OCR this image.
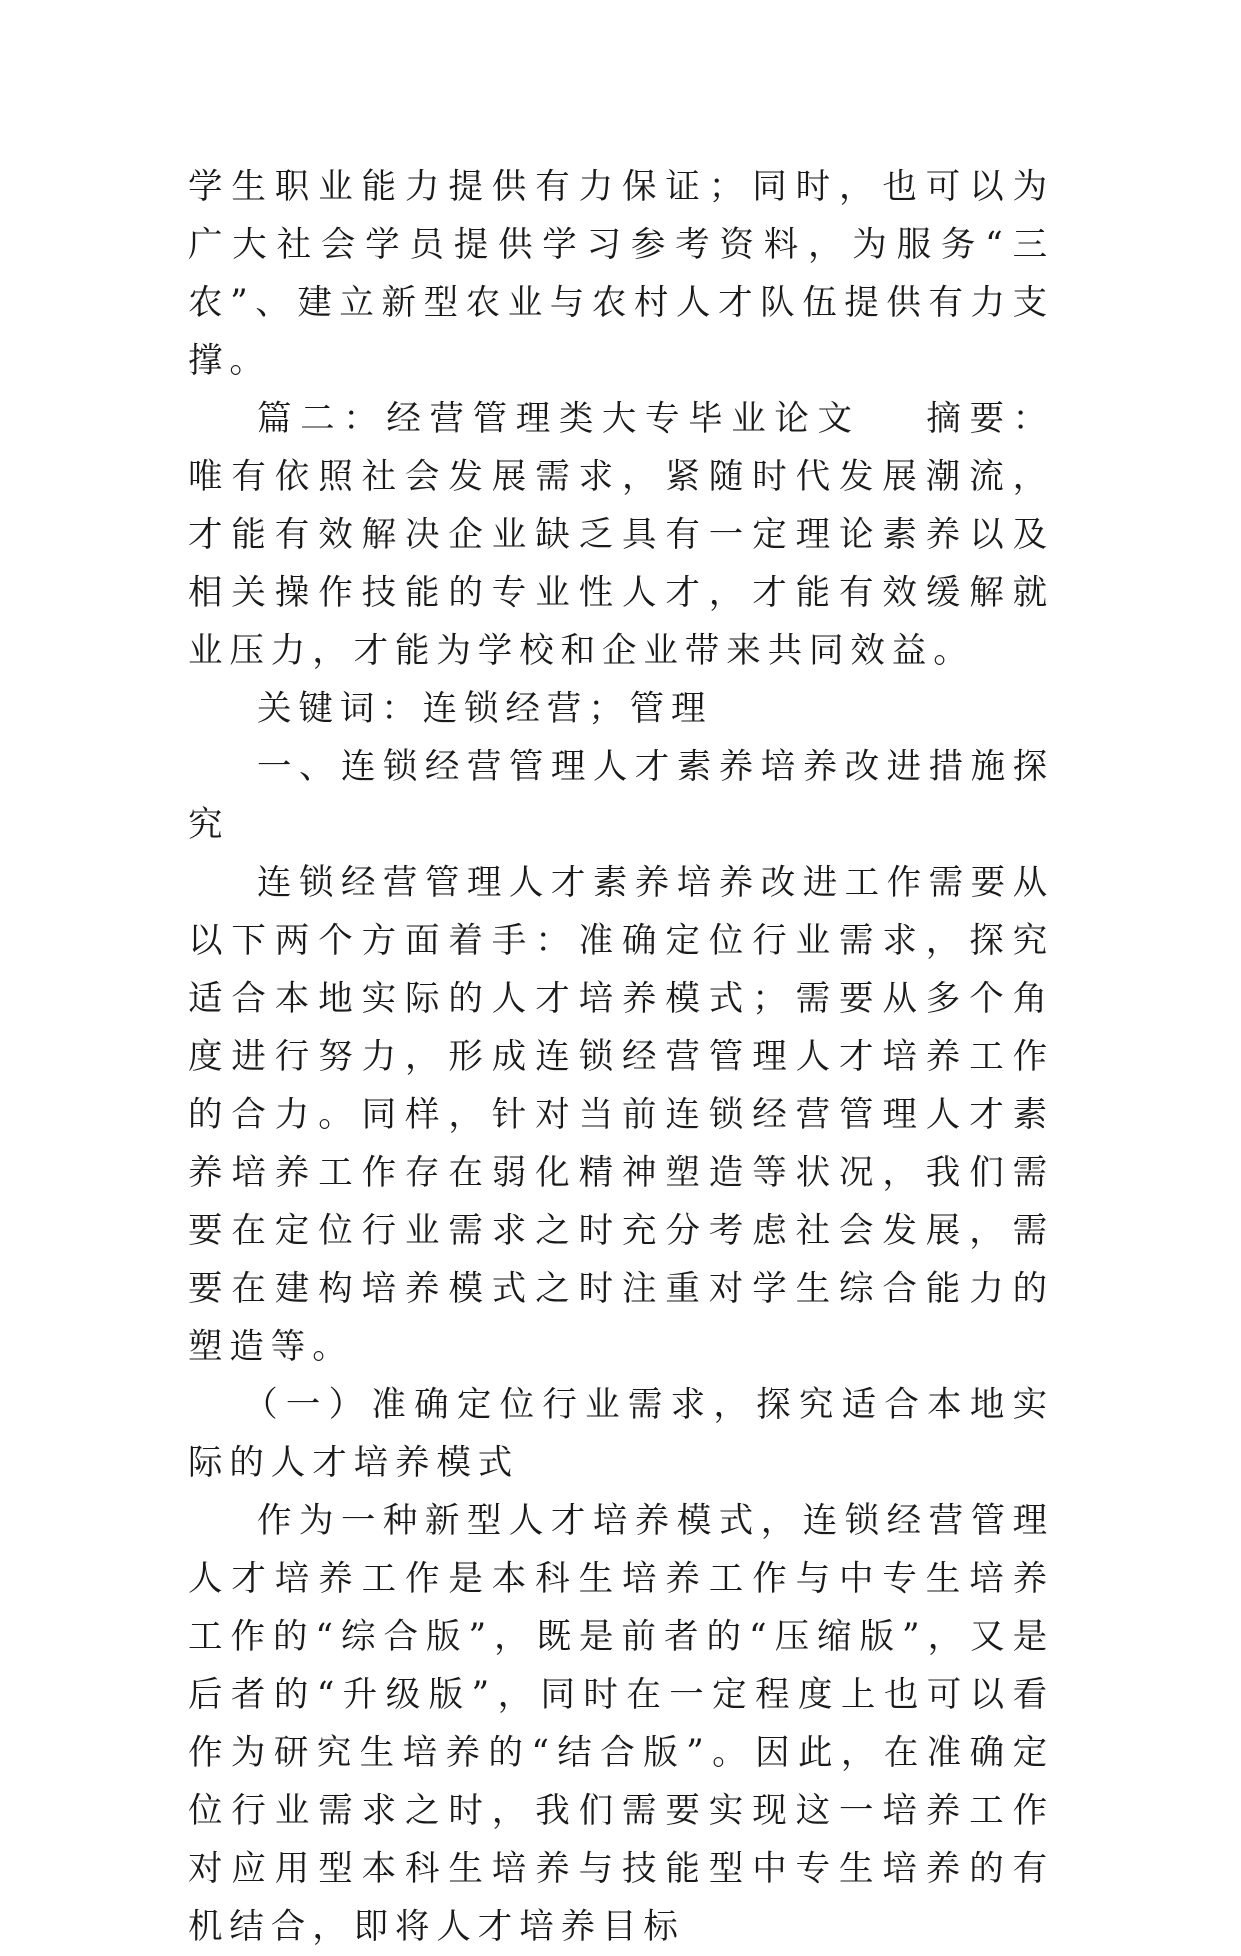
学生职业能力提供有力保证；同时，也可以为广大社会学员提供学习参考资料，为服务“三农”、建立新型农业与农村人才队伍提供有力支撑。

篇二：经营管理类大专毕业论文 摘要：唯有依照社会发展需求，紧随时代发展潮流，才能有效解决企业缺乏具有一定理论素养以及相关操作技能的专业性人才，才能有效缓解就业压力，才能为学校和企业带来共同效益。

关键词：连锁经营；管理

一、连锁经营管理人才素养培养改进措施探究

连锁经营管理人才素养培养改进工作需要从以下两个方面着手：准确定位行业需求，探究适合本地实际的人才培养模式；需要从多个角度进行努力，形成连锁经营管理人才培养工作的合力。同样，针对当前连锁经营管理人才素养培养工作存在弱化精神塑造等状况，我们需要在定位行业需求之时充分考虑社会发展，需要在建构培养模式之时注重对学生综合能力的塑造等。

（一）准确定位行业需求，探究适合本地实际的人才培养模式

作为一种新型人才培养模式，连锁经营管理人才培养工作是本科生培养工作与中专生培养工作的“综合版”，既是前者的“压缩版”，又是后者的“升级版”，同时在一定程度上也可以看作为研究生培养的“结合版”。因此，在准确定位行业需求之时，我们需要实现这一培养工作对应用型本科生培养与技能型中专生培养的有机结合，即将人才培养目标
